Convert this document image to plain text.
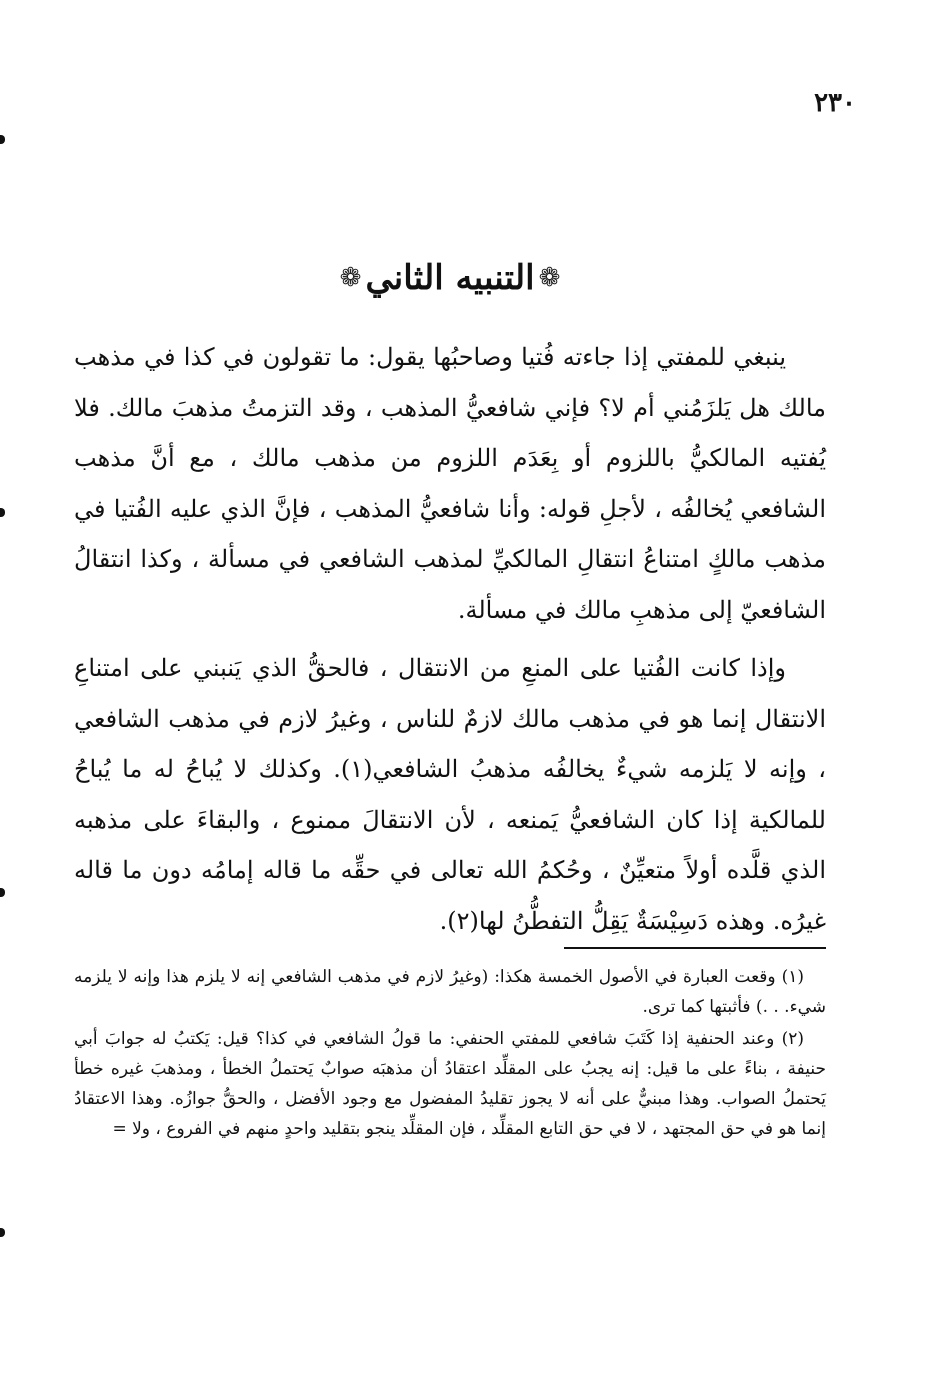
٢٣٠
❁
التنبيه الثاني
❁

ينبغي للمفتي إذا جاءته فُتيا وصاحبُها يقول: ما تقولون في كذا في مذهب مالك هل يَلزَمُني أم لا؟ فإني شافعيُّ المذهب ، وقد التزمتُ مذهبَ مالك. فلا يُفتيه المالكيُّ باللزوم أو بِعَدَم اللزوم من مذهب مالك ، مع أنَّ مذهب الشافعي يُخالفُه ، لأجلِ قوله: وأنا شافعيُّ المذهب ، فإنَّ الذي عليه الفُتيا في مذهب مالكٍ امتناعُ انتقالِ المالكيِّ لمذهب الشافعي في مسألة ، وكذا انتقالُ الشافعيّ إلى مذهبِ مالك في مسألة.

وإذا كانت الفُتيا على المنعِ من الانتقال ، فالحقُّ الذي يَنبني على امتناعِ الانتقال إنما هو في مذهب مالك لازمٌ للناس ، وغيرُ لازم في مذهب الشافعي ، وإنه لا يَلزمه شيءٌ يخالفُه مذهبُ الشافعي(١). وكذلك لا يُباحُ له ما يُباحُ للمالكية إذا كان الشافعيُّ يَمنعه ، لأن الانتقالَ ممنوع ، والبقاءَ على مذهبه الذي قلَّده أولاً متعيِّنٌ ، وحُكمُ الله تعالى في حقِّه ما قاله إمامُه دون ما قاله غيرُه. وهذه دَسِيْسَةٌ يَقِلُّ التفطُّنُ لها(٢).

(١) وقعت العبارة في الأصول الخمسة هكذا: (وغيرُ لازم في مذهب الشافعي إنه لا يلزم هذا وإنه لا يلزمه شيء. . .) فأثبتها كما ترى.

(٢) وعند الحنفية إذا كَتَبَ شافعي للمفتي الحنفي: ما قولُ الشافعي في كذا؟ قيل: يَكتبُ له جوابَ أبي حنيفة ، بناءً على ما قيل: إنه يجبُ على المقلِّد اعتقادُ أن مذهبَه صوابٌ يَحتملُ الخطأ ، ومذهبَ غيره خطأ يَحتملُ الصواب. وهذا مبنيٌّ على أنه لا يجوز تقليدُ المفضول مع وجود الأفضل ، والحقُّ جوازُه. وهذا الاعتقادُ إنما هو في حق المجتهد ، لا في حق التابع المقلِّد ، فإن المقلِّد ينجو بتقليد واحدٍ منهم في الفروع ، ولا =
